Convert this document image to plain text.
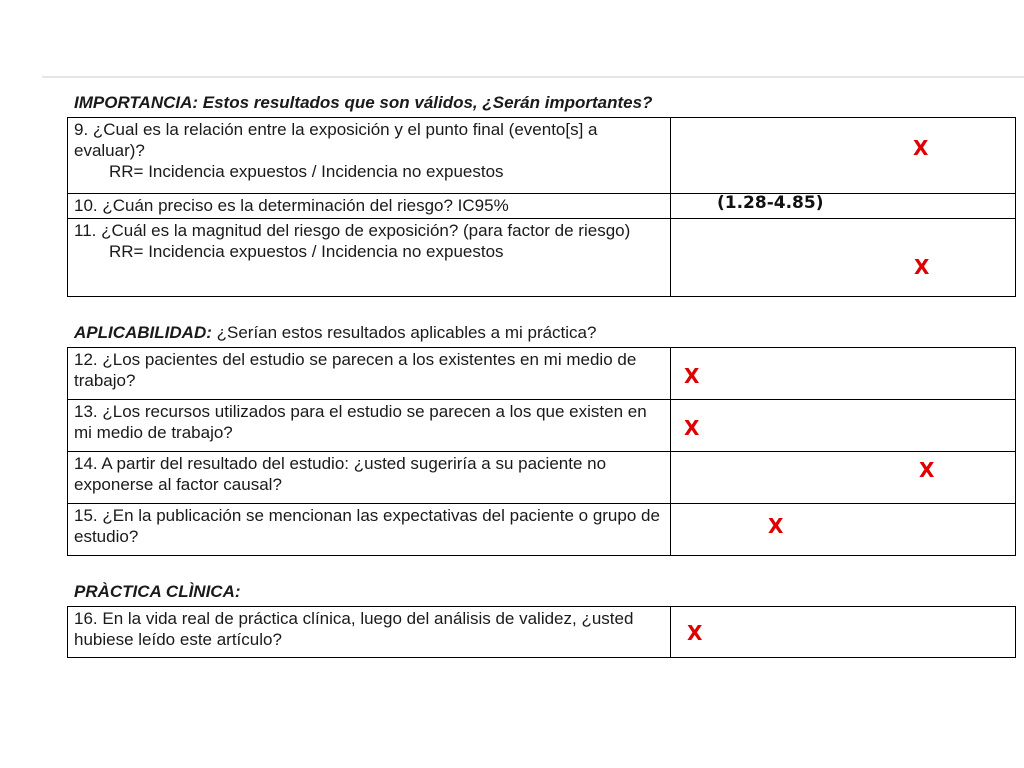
IMPORTANCIA: Estos resultados que son válidos, ¿Serán importantes?
9. ¿Cual es la relación entre la exposición y el punto final (evento[s] a evaluar)?
RR= Incidencia expuestos / Incidencia no expuestos	X

10. ¿Cuán preciso es la determinación del riesgo? IC95%	(1.28-4.85)

11. ¿Cuál es la magnitud del riesgo de exposición? (para factor de riesgo)
RR= Incidencia expuestos / Incidencia no expuestos	X
APLICABILIDAD: ¿Serían estos resultados aplicables a mi práctica?
12. ¿Los pacientes del estudio se parecen a los existentes en mi medio de trabajo?	X

13. ¿Los recursos utilizados para el estudio se parecen a los que existen en mi medio de trabajo?	X

14. A partir del resultado del estudio: ¿usted sugeriría a su paciente no exponerse al factor causal?	X

15. ¿En la publicación se mencionan las expectativas del paciente o grupo de estudio?	X
PRÀCTICA CLÌNICA:
16. En la vida real de práctica clínica, luego del análisis de validez, ¿usted hubiese leído este artículo?	X
